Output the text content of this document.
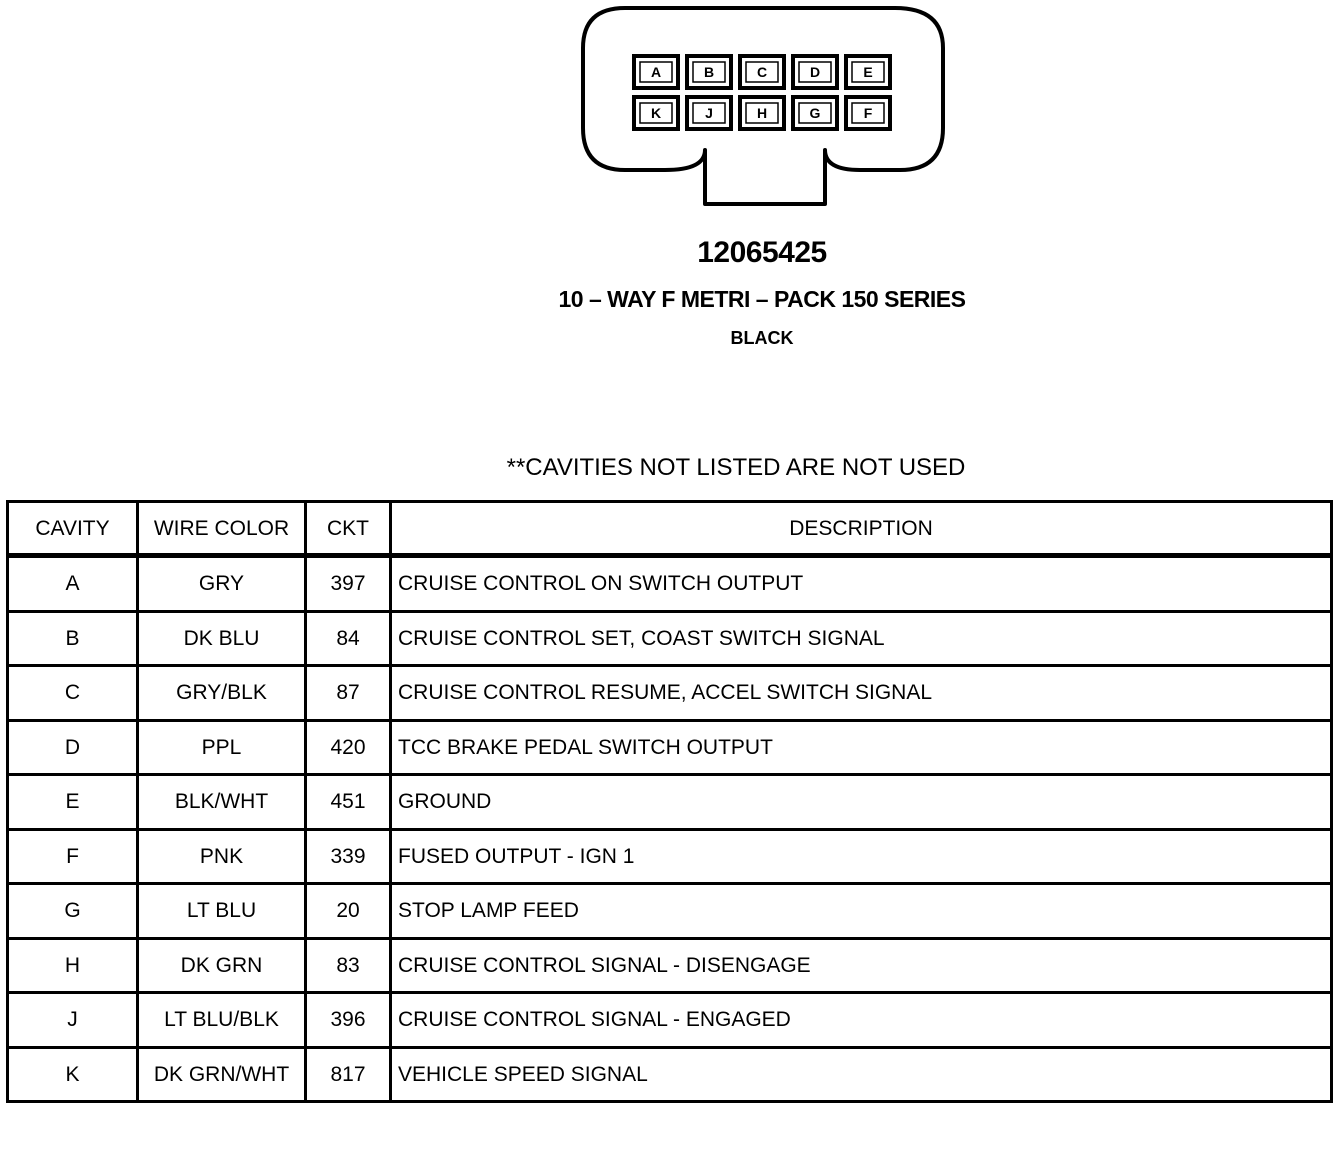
A	B	C	D	E
K	J	H	G	F
12065425
10 – WAY F METRI – PACK 150 SERIES
BLACK
**CAVITIES NOT LISTED ARE NOT USED
CAVITY	WIRE COLOR	CKT	DESCRIPTION
A	GRY	397	CRUISE CONTROL ON SWITCH OUTPUT
B	DK BLU	84	CRUISE CONTROL SET, COAST SWITCH SIGNAL
C	GRY/BLK	87	CRUISE CONTROL RESUME, ACCEL SWITCH SIGNAL
D	PPL	420	TCC BRAKE PEDAL SWITCH OUTPUT
E	BLK/WHT	451	GROUND
F	PNK	339	FUSED OUTPUT - IGN 1
G	LT BLU	20	STOP LAMP FEED
H	DK GRN	83	CRUISE CONTROL SIGNAL - DISENGAGE
J	LT BLU/BLK	396	CRUISE CONTROL SIGNAL - ENGAGED
K	DK GRN/WHT	817	VEHICLE SPEED SIGNAL
